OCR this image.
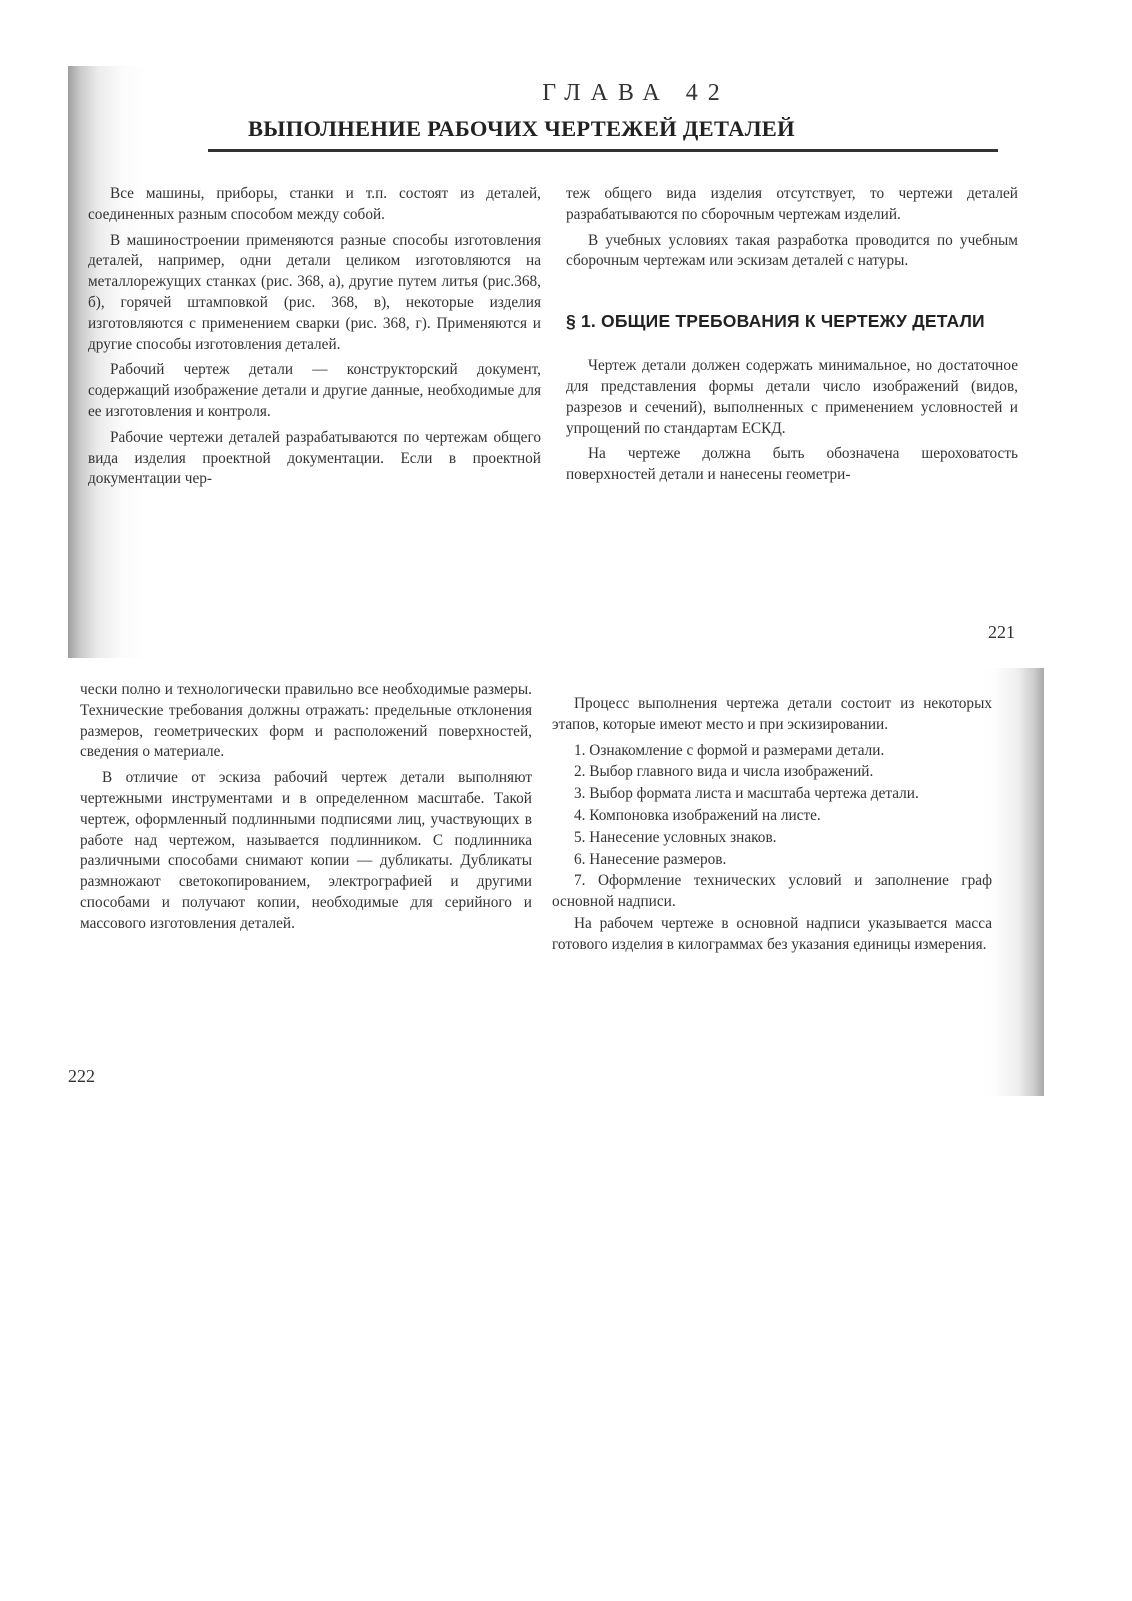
ГЛАВА 42
ВЫПОЛНЕНИЕ РАБОЧИХ ЧЕРТЕЖЕЙ ДЕТАЛЕЙ

Все машины, приборы, станки и т.п. состоят из деталей, соединенных разным способом между собой.

В машиностроении применяются разные способы изготовления деталей, например, одни детали целиком изготовляются на металлорежущих станках (рис. 368, а), другие путем литья (рис.368, б), горячей штамповкой (рис. 368, в), некоторые изделия изготовляются с применением сварки (рис. 368, г). Применяются и другие способы изготовления деталей.

Рабочий чертеж детали — конструкторский документ, содержащий изображение детали и другие данные, необходимые для ее изготовления и контроля.

Рабочие чертежи деталей разрабатываются по чертежам общего вида изделия проектной документации. Если в проектной документации чер-

теж общего вида изделия отсутствует, то чертежи деталей разрабатываются по сборочным чертежам изделий.

В учебных условиях такая разработка проводится по учебным сборочным чертежам или эскизам деталей с натуры.

§ 1. ОБЩИЕ ТРЕБОВАНИЯ К ЧЕРТЕЖУ ДЕТАЛИ

Чертеж детали должен содержать минимальное, но достаточное для представления формы детали число изображений (видов, разрезов и сечений), выполненных с применением условностей и упрощений по стандартам ЕСКД.

На чертеже должна быть обозначена шероховатость поверхностей детали и нанесены геометри-

221

чески полно и технологически правильно все необходимые размеры. Технические требования должны отражать: предельные отклонения размеров, геометрических форм и расположений поверхностей, сведения о материале.

В отличие от эскиза рабочий чертеж детали выполняют чертежными инструментами и в определенном масштабе. Такой чертеж, оформленный подлинными подписями лиц, участвующих в работе над чертежом, называется подлинником. С подлинника различными способами снимают копии — дубликаты. Дубликаты размножают светокопированием, электрографией и другими способами и получают копии, необходимые для серийного и массового изготовления деталей.

Процесс выполнения чертежа детали состоит из некоторых этапов, которые имеют место и при эскизировании.

1. Ознакомление с формой и размерами детали.

2. Выбор главного вида и числа изображений.

3. Выбор формата листа и масштаба чертежа детали.

4. Компоновка изображений на листе.

5. Нанесение условных знаков.

6. Нанесение размеров.

7. Оформление технических условий и заполнение граф основной надписи.

На рабочем чертеже в основной надписи указывается масса готового изделия в килограммах без указания единицы измерения.

222
